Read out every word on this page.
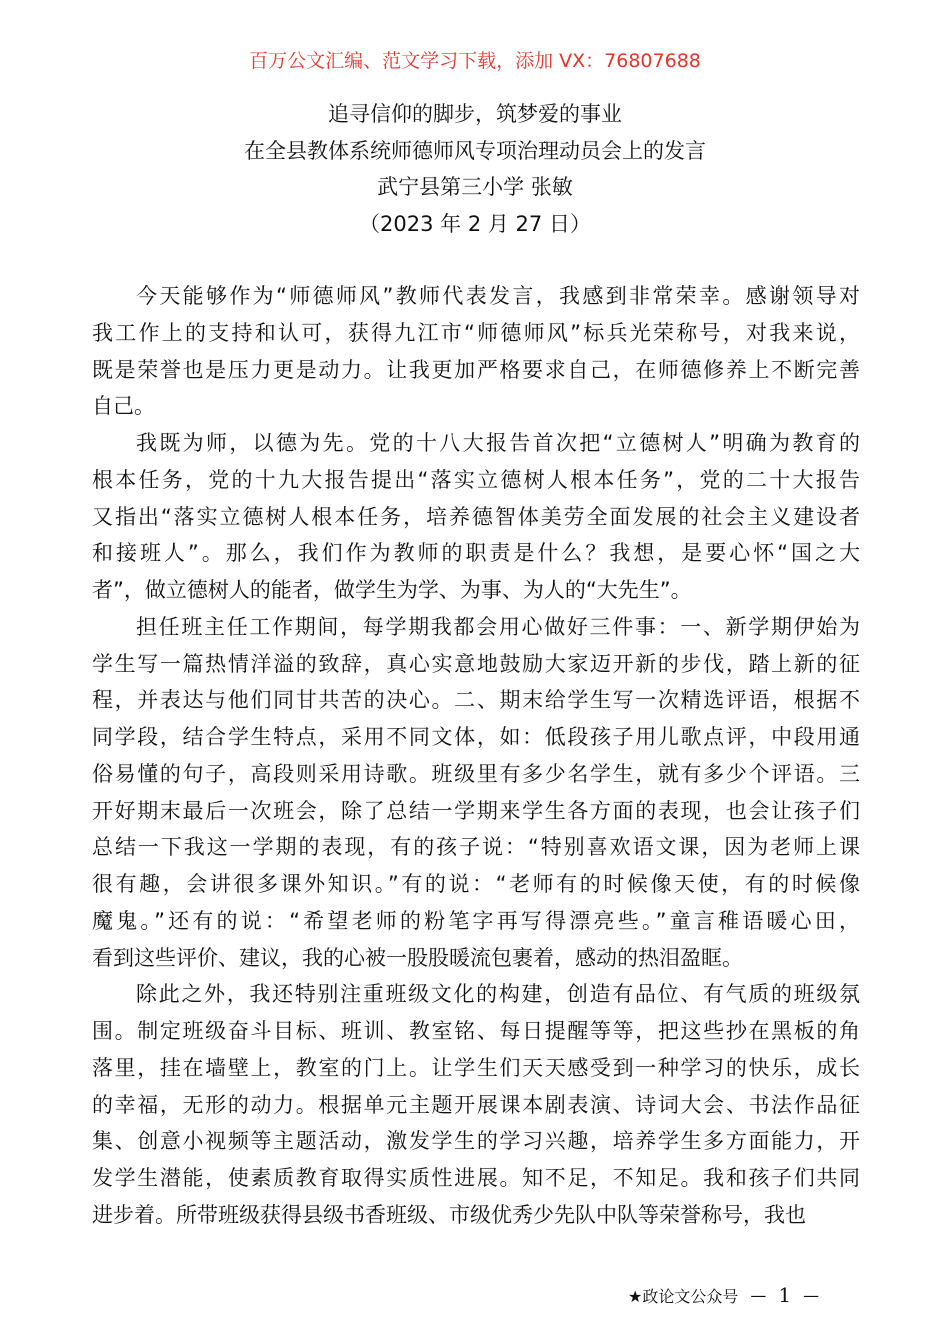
百万公文汇编、范文学习下载，添加 VX：76807688
追寻信仰的脚步，筑梦爱的事业
在全县教体系统师德师风专项治理动员会上的发言
武宁县第三小学 张敏
（2023 年 2 月 27 日）
今天能够作为“师德师风”教师代表发言，我感到非常荣幸。感谢领导对
我工作上的支持和认可，获得九江市“师德师风”标兵光荣称号，对我来说，
既是荣誉也是压力更是动力。让我更加严格要求自己，在师德修养上不断完善
自己。
我既为师，以德为先。党的十八大报告首次把“立德树人”明确为教育的
根本任务，党的十九大报告提出“落实立德树人根本任务”，党的二十大报告
又指出“落实立德树人根本任务，培养德智体美劳全面发展的社会主义建设者
和接班人”。那么，我们作为教师的职责是什么？我想，是要心怀“国之大
者”，做立德树人的能者，做学生为学、为事、为人的“大先生”。
担任班主任工作期间，每学期我都会用心做好三件事：一、新学期伊始为
学生写一篇热情洋溢的致辞，真心实意地鼓励大家迈开新的步伐，踏上新的征
程，并表达与他们同甘共苦的决心。二、期末给学生写一次精选评语，根据不
同学段，结合学生特点，采用不同文体，如：低段孩子用儿歌点评，中段用通
俗易懂的句子，高段则采用诗歌。班级里有多少名学生，就有多少个评语。三
开好期末最后一次班会，除了总结一学期来学生各方面的表现，也会让孩子们
总结一下我这一学期的表现，有的孩子说：“特别喜欢语文课，因为老师上课
很有趣，会讲很多课外知识。”有的说：“老师有的时候像天使，有的时候像
魔鬼。”还有的说：“希望老师的粉笔字再写得漂亮些。”童言稚语暖心田，
看到这些评价、建议，我的心被一股股暖流包裹着，感动的热泪盈眶。
除此之外，我还特别注重班级文化的构建，创造有品位、有气质的班级氛
围。制定班级奋斗目标、班训、教室铭、每日提醒等等，把这些抄在黑板的角
落里，挂在墙壁上，教室的门上。让学生们天天感受到一种学习的快乐，成长
的幸福，无形的动力。根据单元主题开展课本剧表演、诗词大会、书法作品征
集、创意小视频等主题活动，激发学生的学习兴趣，培养学生多方面能力，开
发学生潜能，使素质教育取得实质性进展。知不足，不知足。我和孩子们共同
进步着。所带班级获得县级书香班级、市级优秀少先队中队等荣誉称号，我也
★政论文公众号 — 1 —
